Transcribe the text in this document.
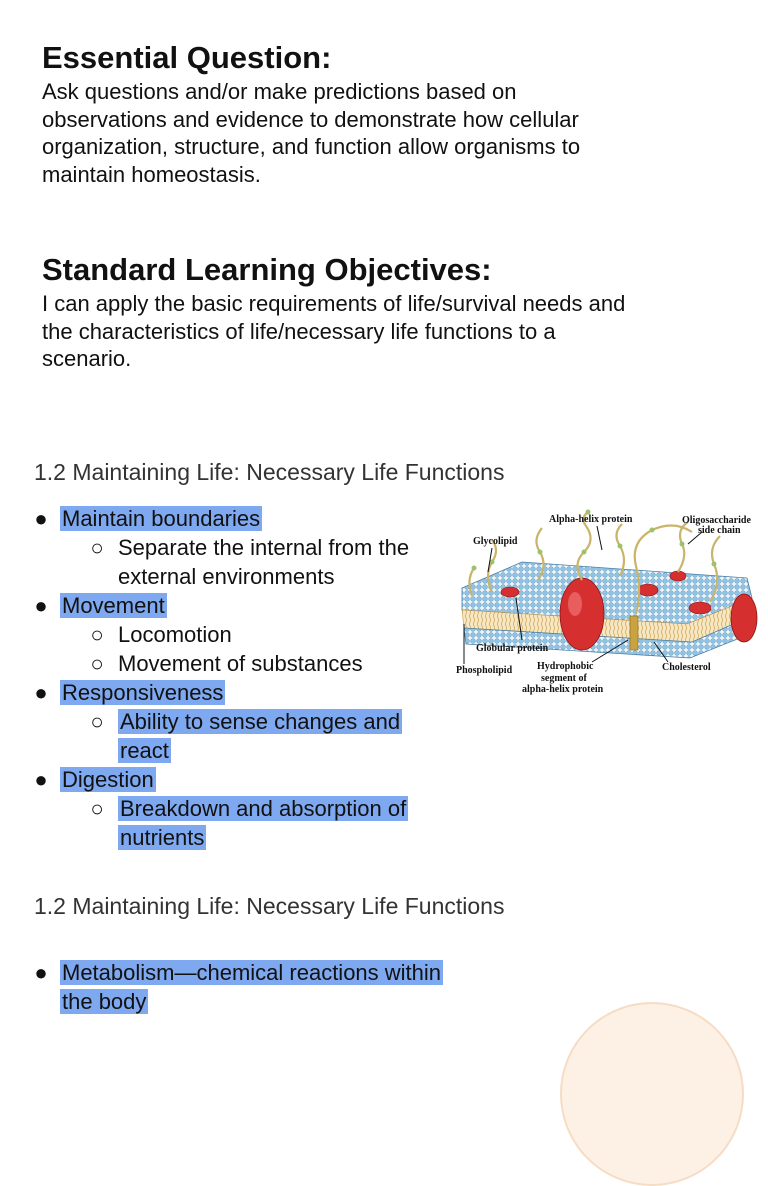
Essential Question:
Ask questions and/or make predictions based on
observations and evidence to demonstrate how cellular
organization, structure, and function allow organisms to
maintain homeostasis.
Standard Learning Objectives:
I can apply the basic requirements of life/survival needs and
the characteristics of life/necessary life functions to a
scenario.
1.2 Maintaining Life: Necessary Life Functions
● Maintain boundaries
○ Separate the internal from the
external environments
● Movement
○ Locomotion
○ Movement of substances
● Responsiveness
○ Ability to sense changes and
react
● Digestion
○ Breakdown and absorption of
nutrients
Alpha-helix protein	Oligosaccharide
side chain
Glycolipid
Globular protein
Phospholipid Hydrophobic
segment of
alpha-helix protein
Cholesterol
1.2 Maintaining Life: Necessary Life Functions
● Metabolism—chemical reactions within
the body
